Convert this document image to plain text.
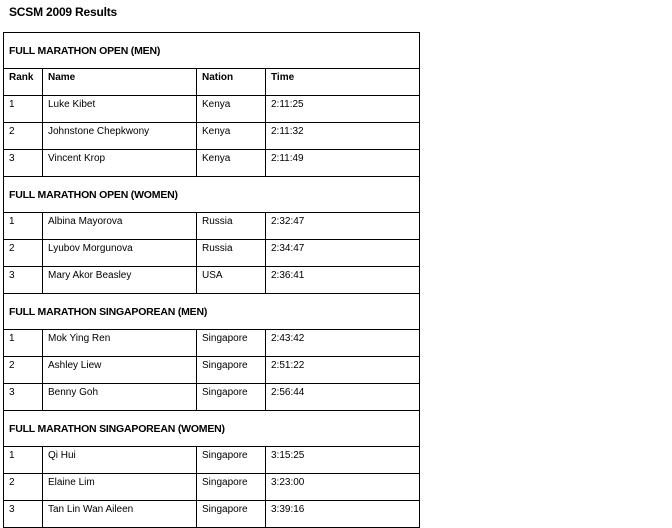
SCSM 2009 Results
FULL MARATHON OPEN (MEN)			
Rank	Name	Nation	Time
1	Luke Kibet	Kenya	2:11:25
2	Johnstone Chepkwony	Kenya	2:11:32
3	Vincent Krop	Kenya	2:11:49
FULL MARATHON OPEN (WOMEN)			
1	Albina Mayorova	Russia	2:32:47
2	Lyubov Morgunova	Russia	2:34:47
3	Mary Akor Beasley	USA	2:36:41
FULL MARATHON SINGAPOREAN (MEN)			
1	Mok Ying Ren	Singapore	2:43:42
2	Ashley Liew	Singapore	2:51:22
3	Benny Goh	Singapore	2:56:44
FULL MARATHON SINGAPOREAN (WOMEN)			
1	Qi Hui	Singapore	3:15:25
2	Elaine Lim	Singapore	3:23:00
3	Tan Lin Wan Aileen	Singapore	3:39:16
